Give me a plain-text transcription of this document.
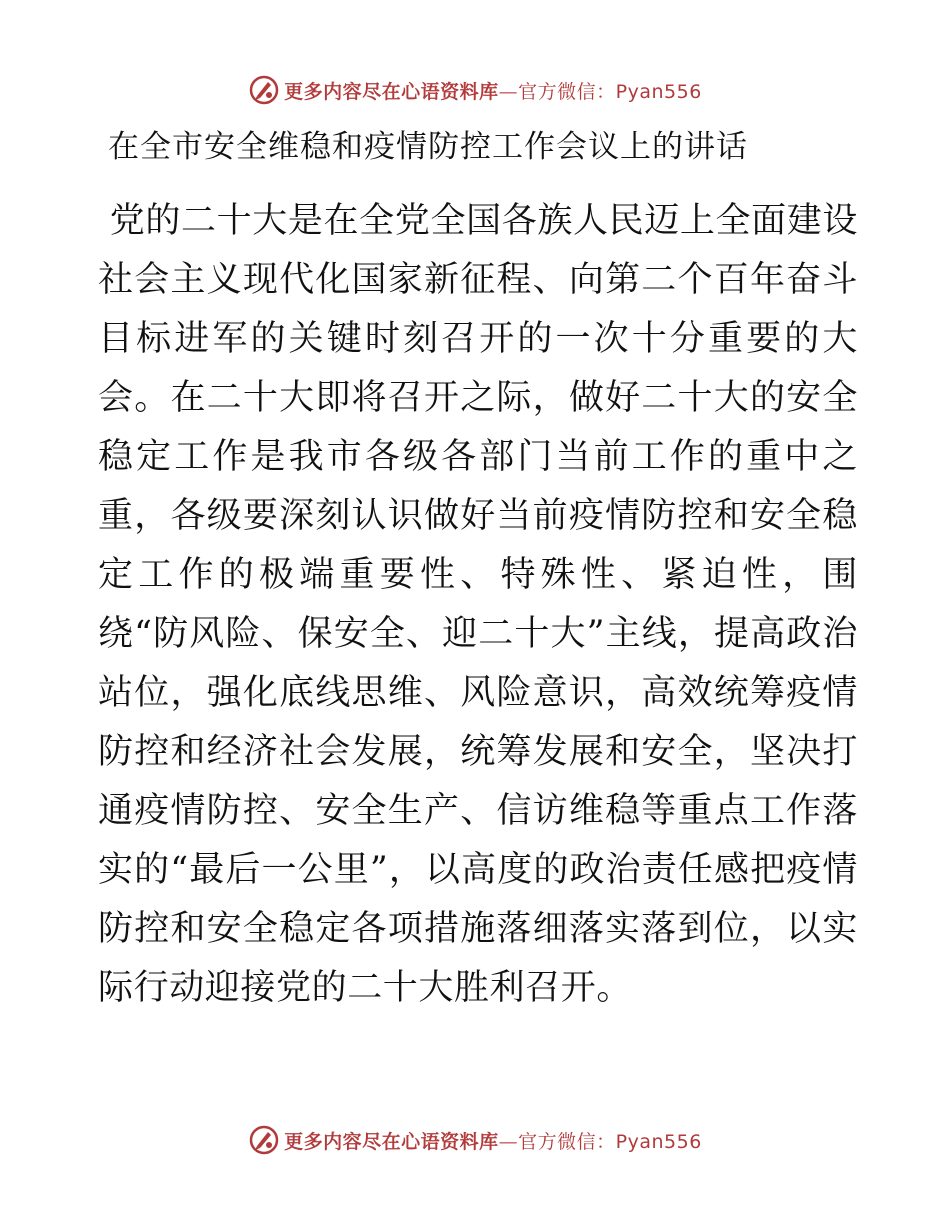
更多内容尽在心语资料库—官方微信：Pyan556
在全市安全维稳和疫情防控工作会议上的讲话

党的二十大是在全党全国各族人民迈上全面建设社会主义现代化国家新征程、向第二个百年奋斗目标进军的关键时刻召开的一次十分重要的大会。在二十大即将召开之际，做好二十大的安全稳定工作是我市各级各部门当前工作的重中之重，各级要深刻认识做好当前疫情防控和安全稳定工作的极端重要性、特殊性、紧迫性，围绕“防风险、保安全、迎二十大”主线，提高政治站位，强化底线思维、风险意识，高效统筹疫情防控和经济社会发展，统筹发展和安全，坚决打通疫情防控、安全生产、信访维稳等重点工作落实的“最后一公里”，以高度的政治责任感把疫情防控和安全稳定各项措施落细落实落到位，以实际行动迎接党的二十大胜利召开。

更多内容尽在心语资料库—官方微信：Pyan556
